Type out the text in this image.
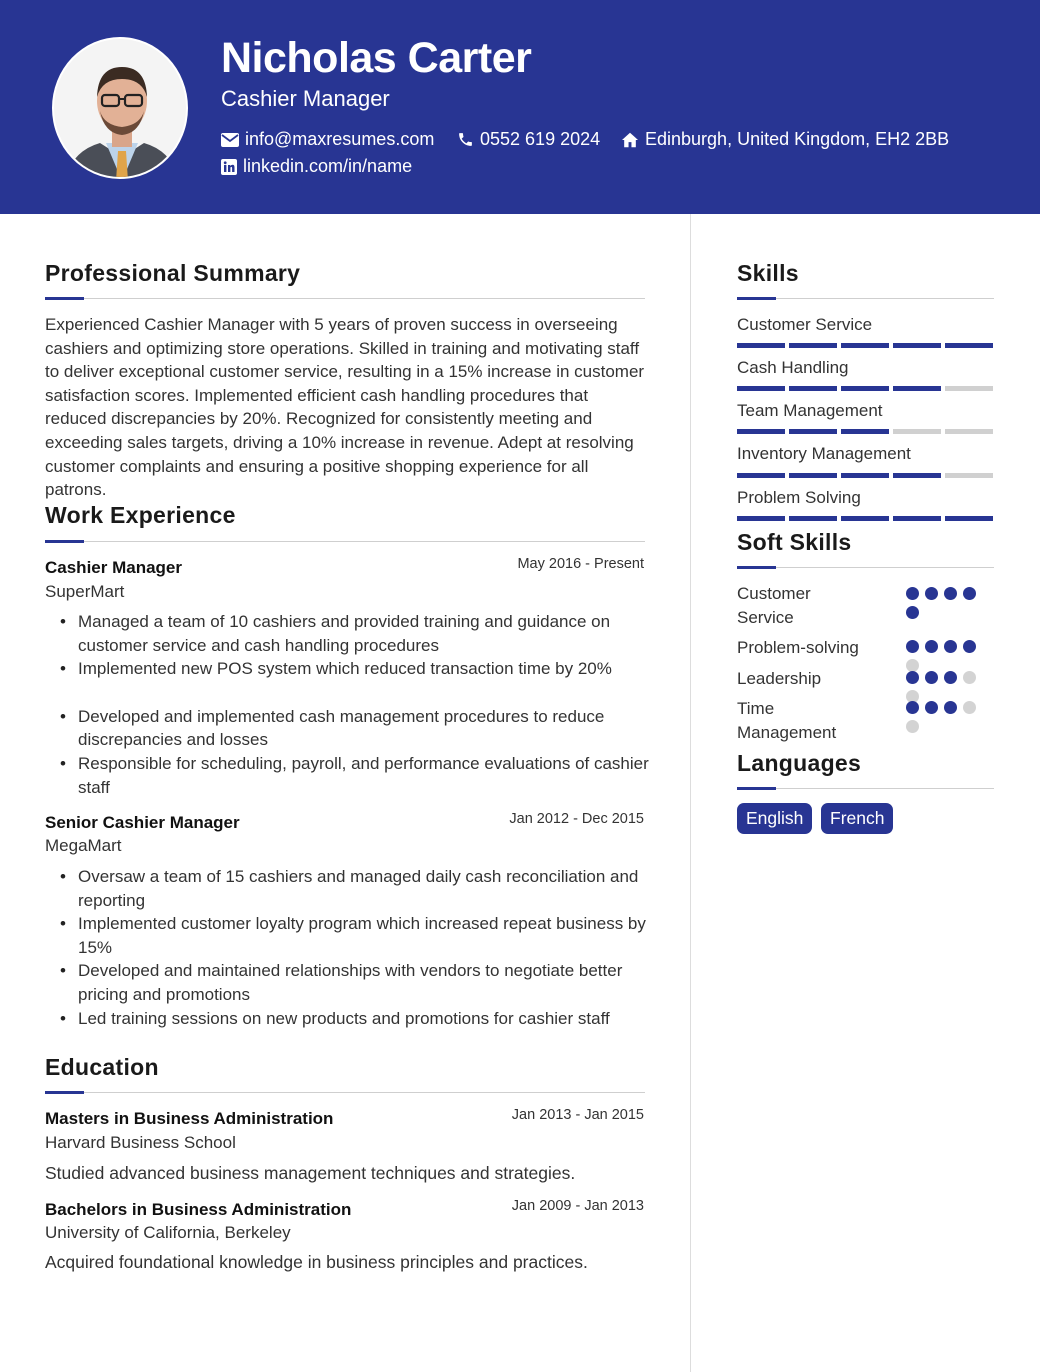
Nicholas Carter
Cashier Manager
info@maxresumes.com	0552 619 2024 Edinburgh, United Kingdom, EH2 2BB
linkedin.com/in/name
Professional Summary
Experienced Cashier Manager with 5 years of proven success in overseeing cashiers and optimizing store operations. Skilled in training and motivating staff to deliver exceptional customer service, resulting in a 15% increase in customer satisfaction scores. Implemented efficient cash handling procedures that reduced discrepancies by 20%. Recognized for consistently meeting and exceeding sales targets, driving a 10% increase in revenue. Adept at resolving customer complaints and ensuring a positive shopping experience for all patrons.
Work Experience
Cashier Manager	May 2016 - Present
SuperMart
• Managed a team of 10 cashiers and provided training and guidance on customer service and cash handling procedures
• Implemented new POS system which reduced transaction time by 20%
• Developed and implemented cash management procedures to reduce discrepancies and losses
• Responsible for scheduling, payroll, and performance evaluations of cashier staff
Senior Cashier Manager	Jan 2012 - Dec 2015
MegaMart
• Oversaw a team of 15 cashiers and managed daily cash reconciliation and reporting
• Implemented customer loyalty program which increased repeat business by 15%
• Developed and maintained relationships with vendors to negotiate better pricing and promotions
• Led training sessions on new products and promotions for cashier staff
Education
Masters in Business Administration	Jan 2013 - Jan 2015
Harvard Business School
Studied advanced business management techniques and strategies.
Bachelors in Business Administration	Jan 2009 - Jan 2013
University of California, Berkeley
Acquired foundational knowledge in business principles and practices.
Skills
Customer Service
Cash Handling
Team Management
Inventory Management
Problem Solving
Soft Skills
Customer Service
Problem-solving
Leadership
Time Management
Languages
English	French
